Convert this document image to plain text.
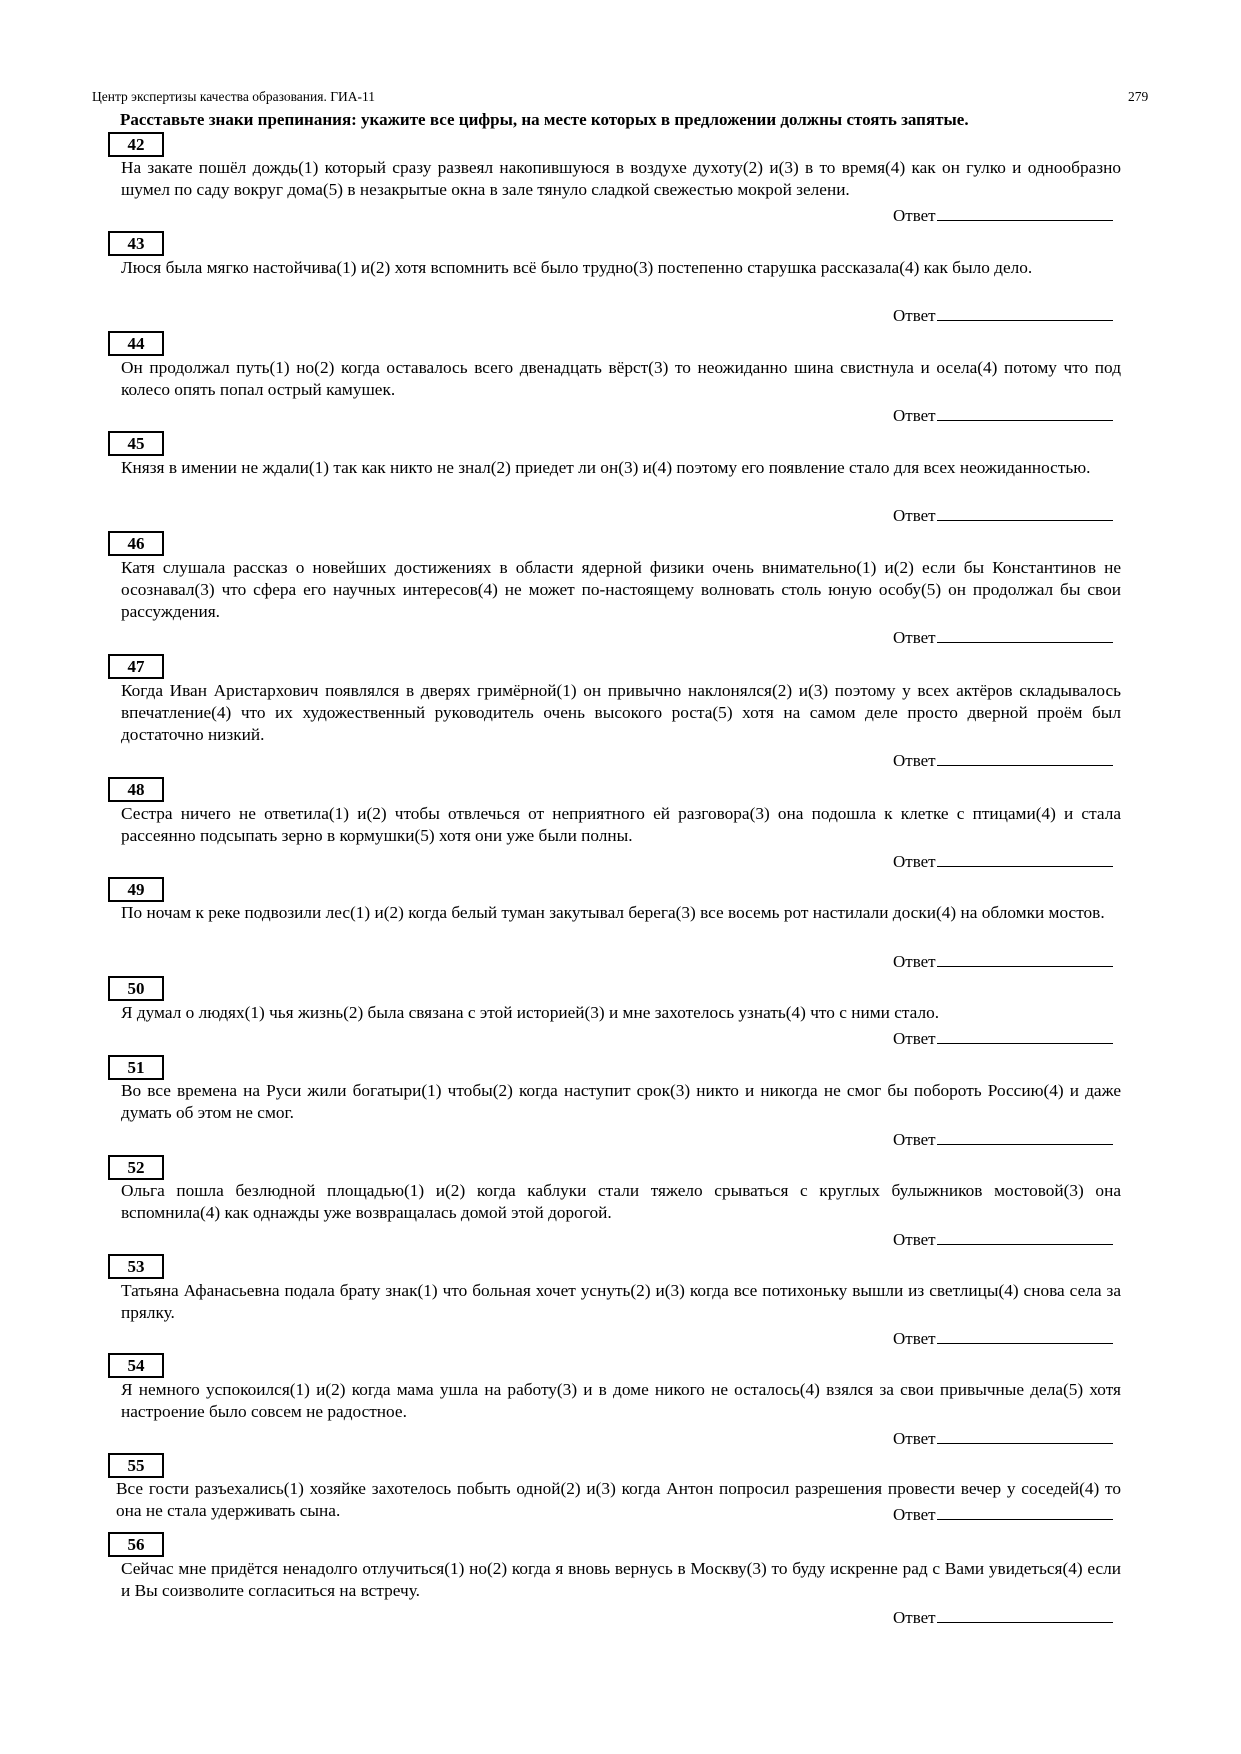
Центр экспертизы качества образования. ГИА-11	279
Расставьте знаки препинания: укажите все цифры, на месте которых в предложении должны стоять запятые.
42
На закате пошёл дождь(1) который сразу развеял накопившуюся в воздухе духоту(2) и(3) в то время(4) как он гулко и однообразно шумел по саду вокруг дома(5) в незакрытые окна в зале тянуло сладкой свежестью мокрой зелени.
Ответ
43
Люся была мягко настойчива(1) и(2) хотя вспомнить всё было трудно(3) постепенно старушка рассказала(4) как было дело.
Ответ
44
Он продолжал путь(1) но(2) когда оставалось всего двенадцать вёрст(3) то неожиданно шина свистнула и осела(4) потому что под колесо опять попал острый камушек.
Ответ
45
Князя в имении не ждали(1) так как никто не знал(2) приедет ли он(3) и(4) поэтому его появление стало для всех неожиданностью.
Ответ
46
Катя слушала рассказ о новейших достижениях в области ядерной физики очень внимательно(1) и(2) если бы Константинов не осознавал(3) что сфера его научных интересов(4) не может по-настоящему волновать столь юную особу(5) он продолжал бы свои рассуждения.
Ответ
47
Когда Иван Аристархович появлялся в дверях гримёрной(1) он привычно наклонялся(2) и(3) поэтому у всех актёров складывалось впечатление(4) что их художественный руководитель очень высокого роста(5) хотя на самом деле просто дверной проём был достаточно низкий.
Ответ
48
Сестра ничего не ответила(1) и(2) чтобы отвлечься от неприятного ей разговора(3) она подошла к клетке с птицами(4) и стала рассеянно подсыпать зерно в кормушки(5) хотя они уже были полны.
Ответ
49
По ночам к реке подвозили лес(1) и(2) когда белый туман закутывал берега(3) все восемь рот настилали доски(4) на обломки мостов.
Ответ
50
Я думал о людях(1) чья жизнь(2) была связана с этой историей(3) и мне захотелось узнать(4) что с ними стало.
Ответ
51
Во все времена на Руси жили богатыри(1) чтобы(2) когда наступит срок(3) никто и никогда не смог бы побороть Россию(4) и даже думать об этом не смог.
Ответ
52
Ольга пошла безлюдной площадью(1) и(2) когда каблуки стали тяжело срываться с круглых булыжников мостовой(3) она вспомнила(4) как однажды уже возвращалась домой этой дорогой.
Ответ
53
Татьяна Афанасьевна подала брату знак(1) что больная хочет уснуть(2) и(3) когда все потихоньку вышли из светлицы(4) снова села за прялку.
Ответ
54
Я немного успокоился(1) и(2) когда мама ушла на работу(3) и в доме никого не осталось(4) взялся за свои привычные дела(5) хотя настроение было совсем не радостное.
Ответ
55
Все гости разъехались(1) хозяйке захотелось побыть одной(2) и(3) когда Антон попросил разрешения провести вечер у соседей(4) то она не стала удерживать сына.	Ответ
56
Сейчас мне придётся ненадолго отлучиться(1) но(2) когда я вновь вернусь в Москву(3) то буду искренне рад с Вами увидеться(4) если и Вы соизволите согласиться на встречу.
Ответ
